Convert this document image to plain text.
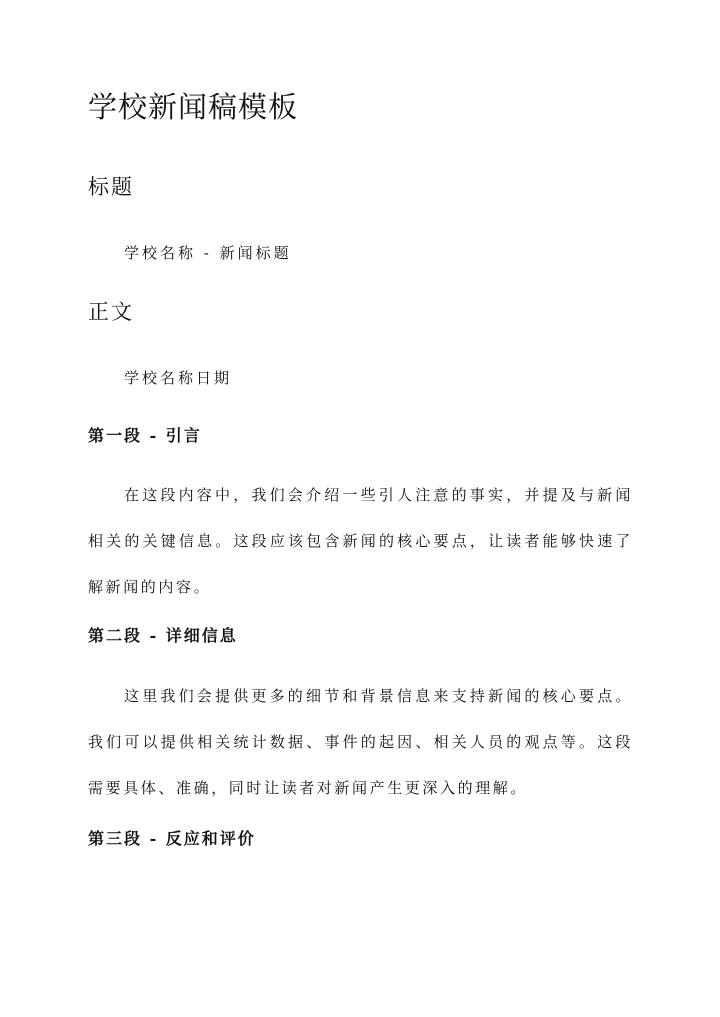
学校新闻稿模板
标题

学校名称 - 新闻标题

正文

学校名称日期

第一段 - 引言

在这段内容中，我们会介绍一些引人注意的事实，并提及与新闻相关的关键信息。这段应该包含新闻的核心要点，让读者能够快速了解新闻的内容。

第二段 - 详细信息

这里我们会提供更多的细节和背景信息来支持新闻的核心要点。我们可以提供相关统计数据、事件的起因、相关人员的观点等。这段需要具体、准确，同时让读者对新闻产生更深入的理解。

第三段 - 反应和评价
